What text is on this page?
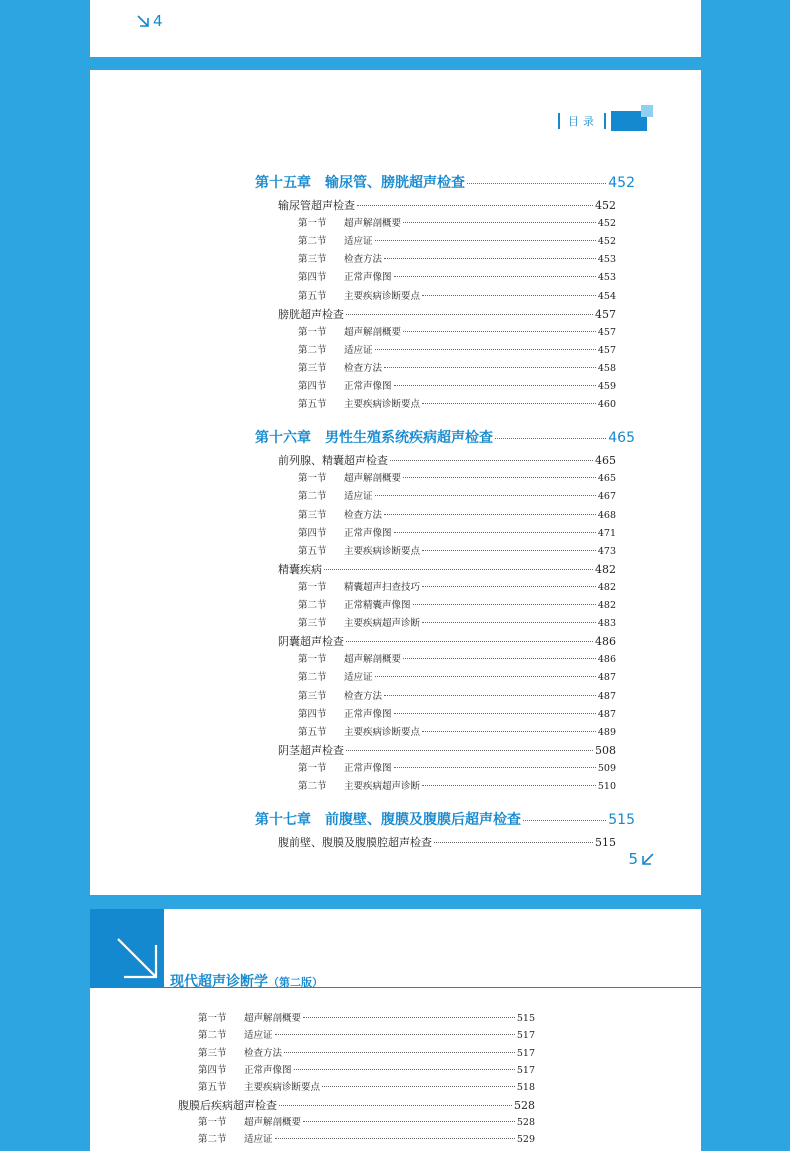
4
目录
第十五章　输尿管、膀胱超声检查	452
输尿管超声检查	452
第一节 超声解剖概要	452
第二节 适应证	452
第三节 检查方法	453
第四节 正常声像图	453
第五节 主要疾病诊断要点	454
膀胱超声检查	457
第一节 超声解剖概要	457
第二节 适应证	457
第三节 检查方法	458
第四节 正常声像图	459
第五节 主要疾病诊断要点	460
第十六章　男性生殖系统疾病超声检查	465
前列腺、精囊超声检查	465
第一节 超声解剖概要	465
第二节 适应证	467
第三节 检查方法	468
第四节 正常声像图	471
第五节 主要疾病诊断要点	473
精囊疾病	482
第一节 精囊超声扫查技巧	482
第二节 正常精囊声像图	482
第三节 主要疾病超声诊断	483
阴囊超声检查	486
第一节 超声解剖概要	486
第二节 适应证	487
第三节 检查方法	487
第四节 正常声像图	487
第五节 主要疾病诊断要点	489
阴茎超声检查	508
第一节 正常声像图	509
第二节 主要疾病超声诊断	510
第十七章　前腹壁、腹膜及腹膜后超声检查	515
腹前壁、腹膜及腹膜腔超声检查	515
5
现代超声诊断学（第二版）
第一节 超声解剖概要	515
第二节 适应证	517
第三节 检查方法	517
第四节 正常声像图	517
第五节 主要疾病诊断要点	518
腹膜后疾病超声检查	528
第一节 超声解剖概要	528
第二节 适应证	529
